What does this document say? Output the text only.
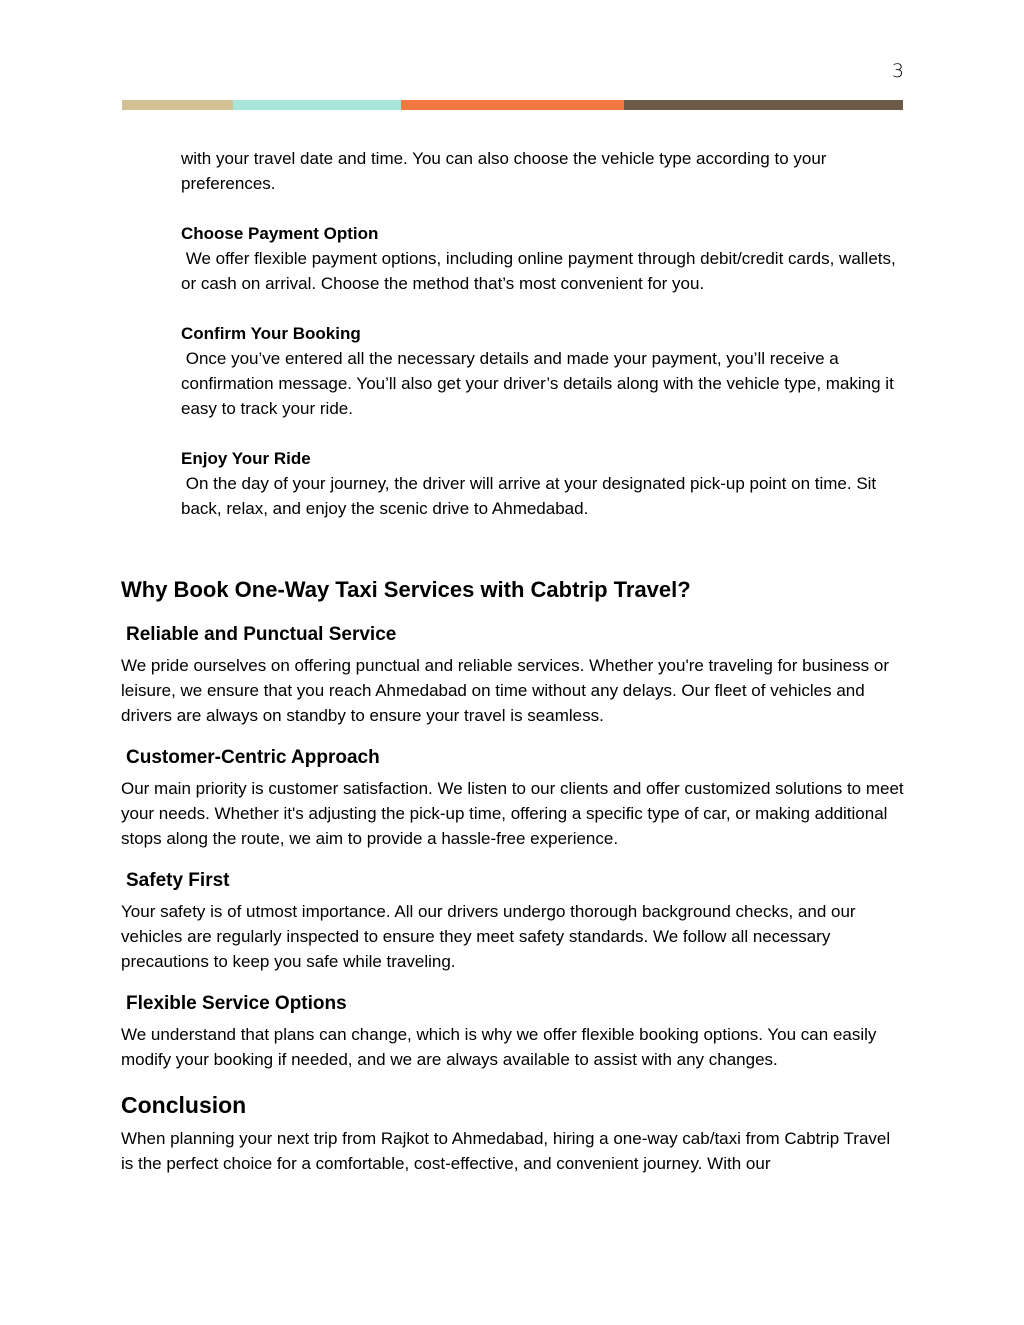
3

with your travel date and time. You can also choose the vehicle type according to your preferences.

Choose Payment Option

We offer flexible payment options, including online payment through debit/credit cards, wallets, or cash on arrival. Choose the method that’s most convenient for you.

Confirm Your Booking

Once you’ve entered all the necessary details and made your payment, you’ll receive a confirmation message. You’ll also get your driver’s details along with the vehicle type, making it easy to track your ride.

Enjoy Your Ride

On the day of your journey, the driver will arrive at your designated pick-up point on time. Sit back, relax, and enjoy the scenic drive to Ahmedabad.

Why Book One-Way Taxi Services with Cabtrip Travel?

Reliable and Punctual Service

We pride ourselves on offering punctual and reliable services. Whether you're traveling for business or leisure, we ensure that you reach Ahmedabad on time without any delays. Our fleet of vehicles and drivers are always on standby to ensure your travel is seamless.

Customer-Centric Approach

Our main priority is customer satisfaction. We listen to our clients and offer customized solutions to meet your needs. Whether it's adjusting the pick-up time, offering a specific type of car, or making additional stops along the route, we aim to provide a hassle-free experience.

Safety First

Your safety is of utmost importance. All our drivers undergo thorough background checks, and our vehicles are regularly inspected to ensure they meet safety standards. We follow all necessary precautions to keep you safe while traveling.

Flexible Service Options

We understand that plans can change, which is why we offer flexible booking options. You can easily modify your booking if needed, and we are always available to assist with any changes.

Conclusion

When planning your next trip from Rajkot to Ahmedabad, hiring a one-way cab/taxi from Cabtrip Travel is the perfect choice for a comfortable, cost-effective, and convenient journey. With our
